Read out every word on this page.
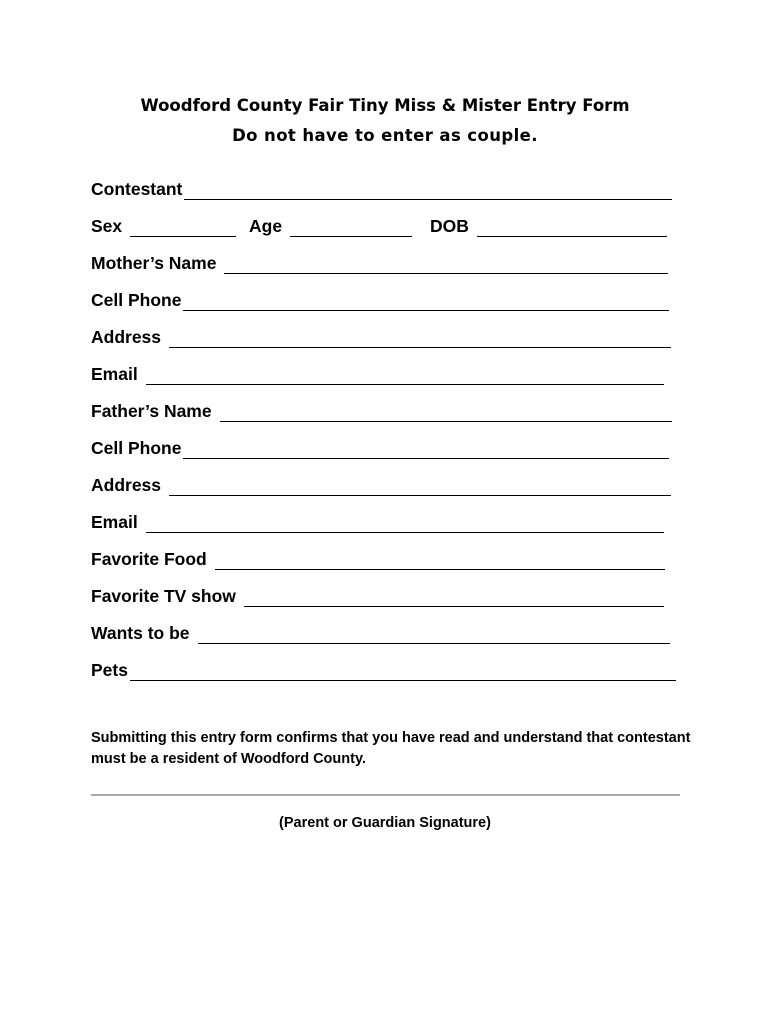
Woodford County Fair Tiny Miss & Mister Entry Form
Do not have to enter as couple.
Contestant
Sex	Age	DOB
Mother’s Name
Cell Phone
Address
Email
Father’s Name
Cell Phone
Address
Email
Favorite Food
Favorite TV show
Wants to be
Pets
Submitting this entry form confirms that you have read and understand that contestant must be a resident of Woodford County.
(Parent or Guardian Signature)
